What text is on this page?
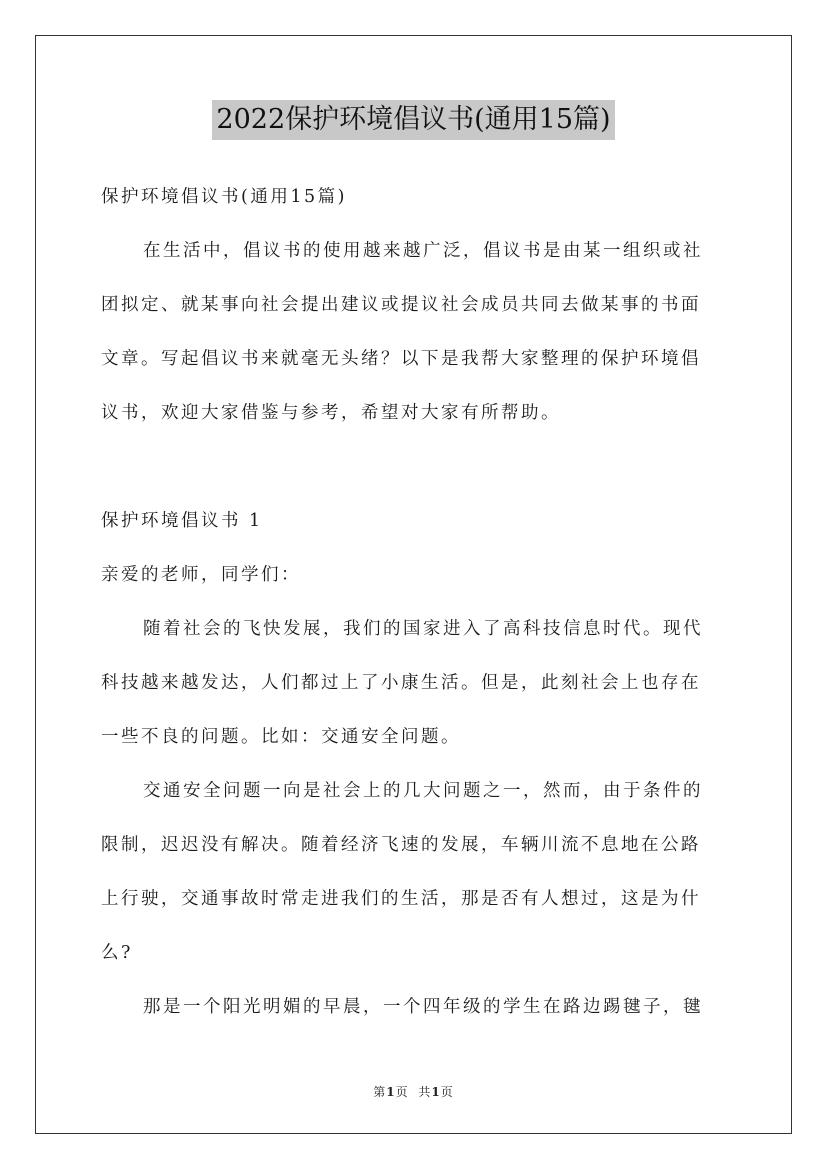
2022保护环境倡议书(通用15篇)
保护环境倡议书(通用15篇)
在生活中，倡议书的使用越来越广泛，倡议书是由某一组织或社
团拟定、就某事向社会提出建议或提议社会成员共同去做某事的书面
文章。写起倡议书来就毫无头绪？以下是我帮大家整理的保护环境倡
议书，欢迎大家借鉴与参考，希望对大家有所帮助。
保护环境倡议书 1
亲爱的老师，同学们：
随着社会的飞快发展，我们的国家进入了高科技信息时代。现代
科技越来越发达，人们都过上了小康生活。但是，此刻社会上也存在
一些不良的问题。比如：交通安全问题。
交通安全问题一向是社会上的几大问题之一，然而，由于条件的
限制，迟迟没有解决。随着经济飞速的发展，车辆川流不息地在公路
上行驶，交通事故时常走进我们的生活，那是否有人想过，这是为什
么?
那是一个阳光明媚的早晨，一个四年级的学生在路边踢毽子，毽
第1页 共1页
